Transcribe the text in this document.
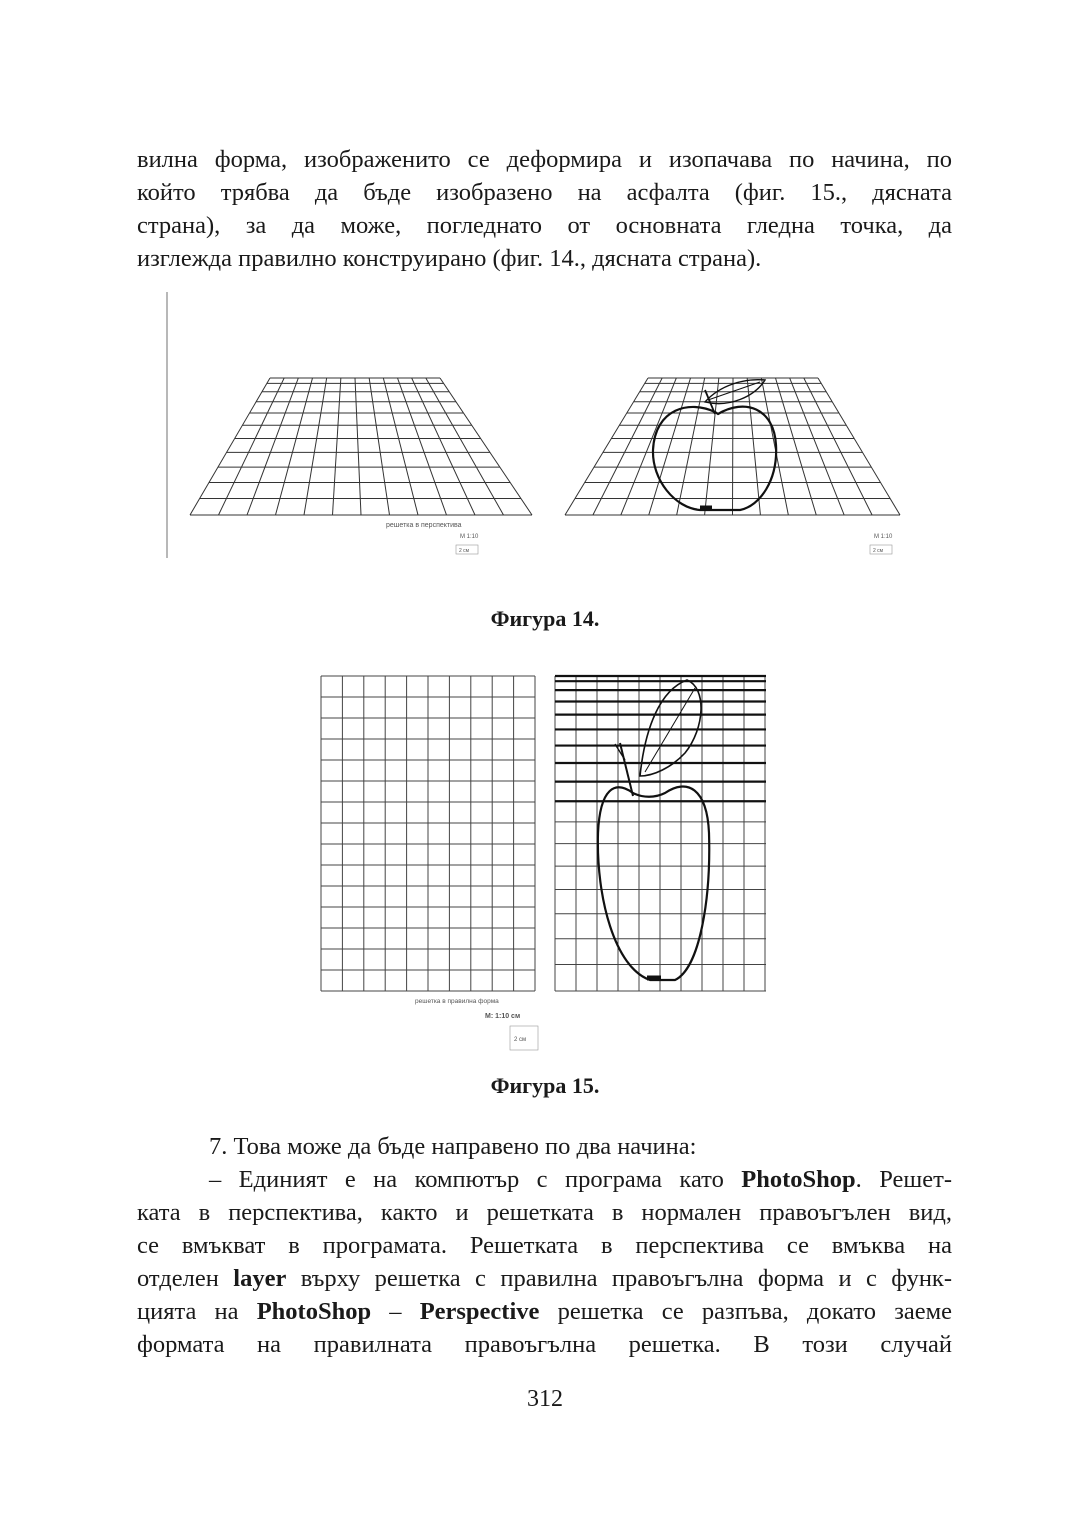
вилна форма, изображенито се деформира и изопачава по начина, по
който трябва да бъде изобразено на асфалта (фиг. 15., дясната
страна), за да може, погледнато от основната гледна точка, да
изглежда правилно конструирано (фиг. 14., дясната страна).
решетка в перспектива
М 1:10
2 см
М 1:10
2 см

Фигура 14.

решетка в правилна форма
М: 1:10 см
2 см

Фигура 15.

7. Това може да бъде направено по два начина:
– Единият е на компютър с програма като PhotoShop. Решет-
ката в перспектива, както и решетката в нормален правоъгълен вид,
се вмъкват в програмата. Решетката в перспектива се вмъква на
отделен layer върху решетка с правилна правоъгълна форма и с функ-
цията на PhotoShop – Perspective решетка се разпъва, докато заеме
формата на правилната правоъгълна решетка. В този случай
312
